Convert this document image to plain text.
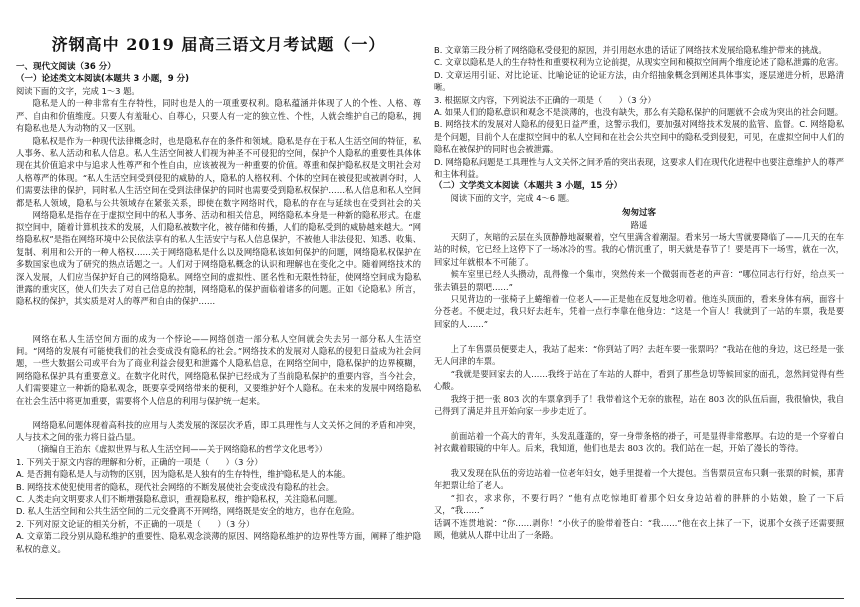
济钢高中 2019 届高三语文月考试题（一）
一、现代文阅读（36 分）
（一）论述类文本阅读(本题共 3 小题，9 分)

阅读下面的文字，完成 1～3 题。

隐私是人的一种非常有生存特性，同时也是人的一项重要权利。隐私蕴涵并体现了人的个性、人格、尊严、自由和价值维度。只要人有羞耻心、自尊心，只要人有一定的独立性、个性，人就会维护自己的隐私，拥有隐私也是人为动物的又一区别。

隐私权是作为一种现代法律概念时，也是隐私存在的条件和领域。隐私是存在于私人生活空间的特征，私人事务、私人活动和私人信息。私人生活空间被人们视为神圣不可侵犯的空间，保护个人隐私的重要性具体体现在其价值追求中与追求人性尊严和个性自由，应该被视为一种重要的价值。尊重和保护隐私权是文明社会对人格尊严的体现。“私人生活空间受到侵犯的威胁的人，隐私的人格权利、个体的空间在被侵犯或被剥夺时，人们需要法律的保护，同时私人生活空间在受到法律保护的同时也需要受到隐私权保护……私人信息和私人空间都是私人领域，隐私与公共领域存在紧张关系，即使在数字网络时代，隐私的存在与延续也在受到社会的关

网络隐私是指存在于虚拟空间中的私人事务、活动和相关信息，网络隐私本身是一种新的隐私形式。在虚拟空间中，随着计算机技术的发展，人们隐私被数字化，被存储和传播，人们的隐私受到的威胁越来越大。“网络隐私权”是指在网络环境中公民依法享有的私人生活安宁与私人信息保护，不被他人非法侵犯、知悉、收集、复制、利用和公开的一种人格权……关于网络隐私是什么以及网络隐私该如何保护的问题，网络隐私权保护在多数国家也成为了研究的热点话题之一。人们对于网络隐私概念的认识和理解也在变化之中。随着网络技术的深入发展，人们应当保护好自己的网络隐私。网络空间的虚拟性、匿名性和无限性特征，使网络空间成为隐私泄露的重灾区，使人们失去了对自己信息的控制，网络隐私的保护面临着诸多的问题。正如《论隐私》所言，隐私权的保护，其实质是对人的尊严和自由的保护……

网络在私人生活空间方面的成为一个悖论——网络创造一部分私人空间就会失去另一部分私人生活空间。“网络的发展有可能使我们的社会变成没有隐私的社会。”网络技术的发展对人隐私的侵犯日益成为社会问题，一些大数据公司或平台为了商业利益会侵犯和泄露个人隐私信息，在网络空间中，隐私保护的边界模糊，网络隐私保护具有重要意义。在数字化时代，网络隐私保护已经成为了当前隐私保护的重要内容，当今社会，人们需要建立一种新的隐私观念，既要享受网络带来的便利，又要维护好个人隐私。在未来的发展中网络隐私在社会生活中将更加重要，需要将个人信息的利用与保护统一起来。

网络隐私问题体现着高科技的应用与人类发展的深层次矛盾，即工具理性与人文关怀之间的矛盾和冲突，人与技术之间的张力将日益凸显。

（摘编自王治东《虚拟世界与私人生活空间——关于网络隐私的哲学文化思考》）

1. 下列关于原文内容的理解和分析，正确的一项是（　　）（3 分）

A. 是否拥有隐私是人与动物的区别，因为隐私是人独有的生存特性，维护隐私是人的本能。

B. 网络技术使犯使用者的隐私，现代社会网络的不断发展使社会变成没有隐私的社会。

C. 人类走向文明要求人们不断增强隐私意识，重视隐私权，维护隐私权，关注隐私问题。

D. 私人生活空间和公共生活空间的二元交叠离不开网络，网络既是安全的地方，也存在危险。

2. 下列对原文论证的相关分析，不正确的一项是（　　）（3 分）

A. 文章第二段分别从隐私维护的重要性、隐私观念淡薄的原因、网络隐私维护的边界性等方面，阐释了维护隐私权的意义。

B. 文章第三段分析了网络隐私受侵犯的原因，并引用赵水患的话证了网络技术发展给隐私维护带来的挑战。

C. 文章以隐私是人的生存特性和重要权利为立论前提，从现实空间和模拟空间两个维度论述了隐私泄露的危害。

D. 文章运用引证、对比论证、比喻论证的论证方法，由介绍抽象概念到阐述具体事实，逐层递进分析，思路清晰。

3. 根据原文内容，下列说法不正确的一项是（　　）（3 分）

A. 如果人们的隐私意识和观念不是淡薄的，也没有缺失，那么有关隐私保护的问题就不会成为突出的社会问题。

B. 网络技术的发展对人隐私的侵犯日益严重，这警示我们，要加强对网络技术发展的监管、监督。C. 网络隐私是个问题，目前个人在虚拟空间中的私人空间和在社会公共空间中的隐私受到侵犯，可见，在虚拟空间中人们的隐私在被保护的同时也会被泄露。

D. 网络隐私问题是工具理性与人文关怀之间矛盾的突出表现，这要求人们在现代化进程中也要注意维护人的尊严和主体利益。

（二）文学类文本阅读（本题共 3 小题，15 分）

阅读下面的文字，完成 4～6 题。

匆匆过客
路遥

天阴了，灰暗的云层在头顶静静地凝聚着，空气里满含着潮湿。看来另一场大雪就要降临了——几天的在车站的时候，它已经上这停下了一场冰冷的雪。我的心情沉重了，明天就是春节了！要是再下一场雪，就在一次，回家过年就根本不可能了。

候车室里已经人头攒动，乱得像一个集市，突然传来一个微弱而苍老的声音：“哪位同志行行好，给点买一张去镇县的票吧……”

只见背边的一张椅子上蜷缩着一位老人——正是他在反复地念叨着。他连头顶面的，看来身体有病，面容十分苍老。不便走过，我只好去赶车，凭着一点行李靠在他身边：“这是一个盲人！我就到了一站的车票，我是要回家的人……”

上了车售票员便要走人，我站了起来：“你到站了吗？去赶车要一张票吗？”我站在他的身边，这已经是一张无人问津的车票。

“我就是要回家去的人……我终于站在了车站的人群中，看到了那些急切等候回家的面孔，忽然间觉得有些心酸。

我终于把一张 803 次的车票拿到手了！我带着这个无奈的旅程，站在 803 次的队伍后面，我很愉快，我自己得到了满足并且开始向家一步步走近了。

前面站着一个高大的青年，头发乱蓬蓬的，穿一身带条格的褂子，可是显得非常憨厚。右边的是一个穿着白衬衣戴着眼镜的中年人。后来，我知道，他们也是去 803 次的。我们站在一起，开始了漫长的等待。

我又发现在队伍的旁边站着一位老年妇女，她手里提着一个大提包。当售票员宣布只剩一张票的时候，那青年把票让给了老人。

“扣衣，求求你，不要行吗？”他有点吃惊地盯着那个妇女身边站着的胖胖的小姑娘，脸了一下后又，“我……”

话调不连贯地说：“你……剥你！”小伙子的脸带着苍白：“我……”他在衣上抹了一下，说那个女孩子还需要照顾，他就从人群中让出了一条路。
